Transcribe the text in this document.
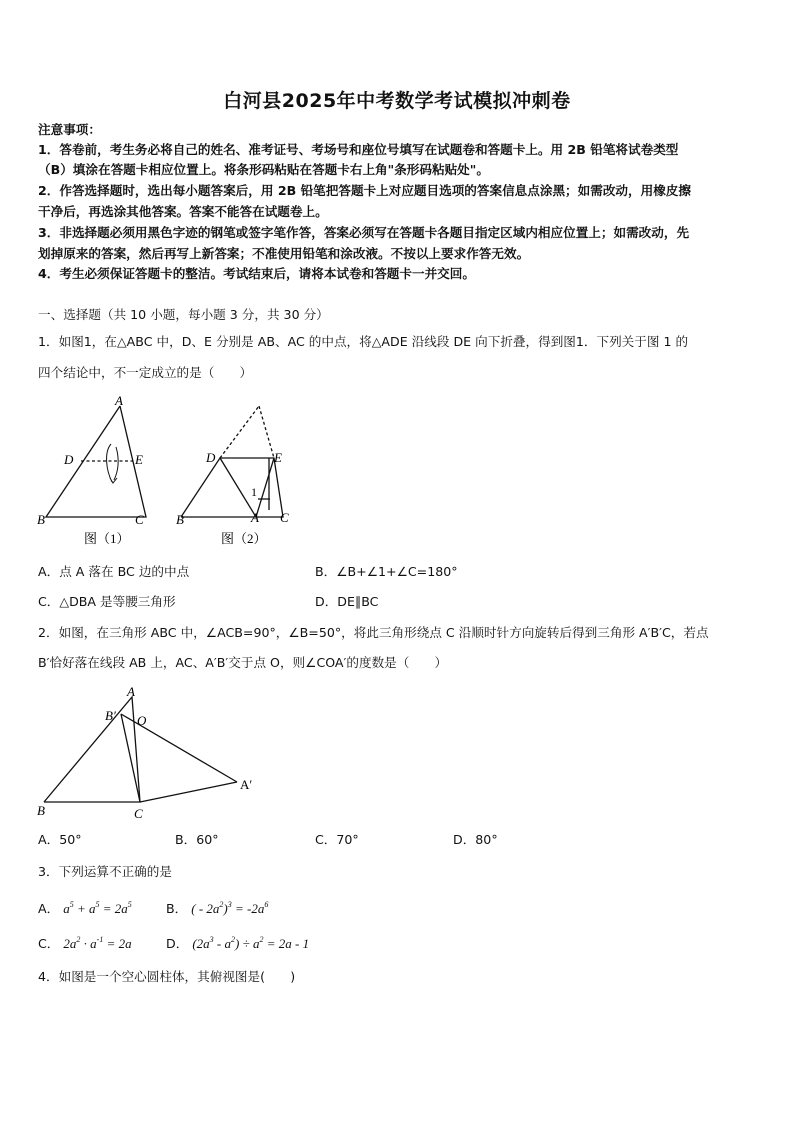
白河县2025年中考数学考试模拟冲刺卷
注意事项：
1．答卷前，考生务必将自己的姓名、准考证号、考场号和座位号填写在试题卷和答题卡上。用 2B 铅笔将试卷类型
（B）填涂在答题卡相应位置上。将条形码粘贴在答题卡右上角"条形码粘贴处"。
2．作答选择题时，选出每小题答案后，用 2B 铅笔把答题卡上对应题目选项的答案信息点涂黑；如需改动，用橡皮擦
干净后，再选涂其他答案。答案不能答在试题卷上。
3．非选择题必须用黑色字迹的钢笔或签字笔作答，答案必须写在答题卡各题目指定区域内相应位置上；如需改动，先
划掉原来的答案，然后再写上新答案；不准使用铅笔和涂改液。不按以上要求作答无效。
4．考生必须保证答题卡的整洁。考试结束后，请将本试卷和答题卡一并交回。
一、选择题（共 10 小题，每小题 3 分，共 30 分）
1．如图1，在△ABC 中，D、E 分别是 AB、AC 的中点，将△ADE 沿线段 DE 向下折叠，得到图1．下列关于图 1 的
四个结论中，不一定成立的是（　　）
A
D	E
B	C
图（1）
D	E
1
B	A C
图（2）
A．点 A 落在 BC 边的中点	B．∠B+∠1+∠C=180°
C．△DBA 是等腰三角形	D．DE∥BC
2．如图，在三角形 ABC 中，∠ACB=90°，∠B=50°，将此三角形绕点 C 沿顺时针方向旋转后得到三角形 A′B′C，若点
B′恰好落在线段 AB 上，AC、A′B′交于点 O，则∠COA′的度数是（　　）
A
B′ O
A′
B	C
A．50°	B．60°	C．70°	D．80°
3．下列运算不正确的是
A． $a^5 + a^5 = 2a^5$	B． ( - $2a^2)^3 = -2a^6$
C． $2a^2 \cdot a^{-1} = 2a$	D． $(2a^3 - a^2) \div a^2 = 2a - 1$
4．如图是一个空心圆柱体，其俯视图是(　　)
